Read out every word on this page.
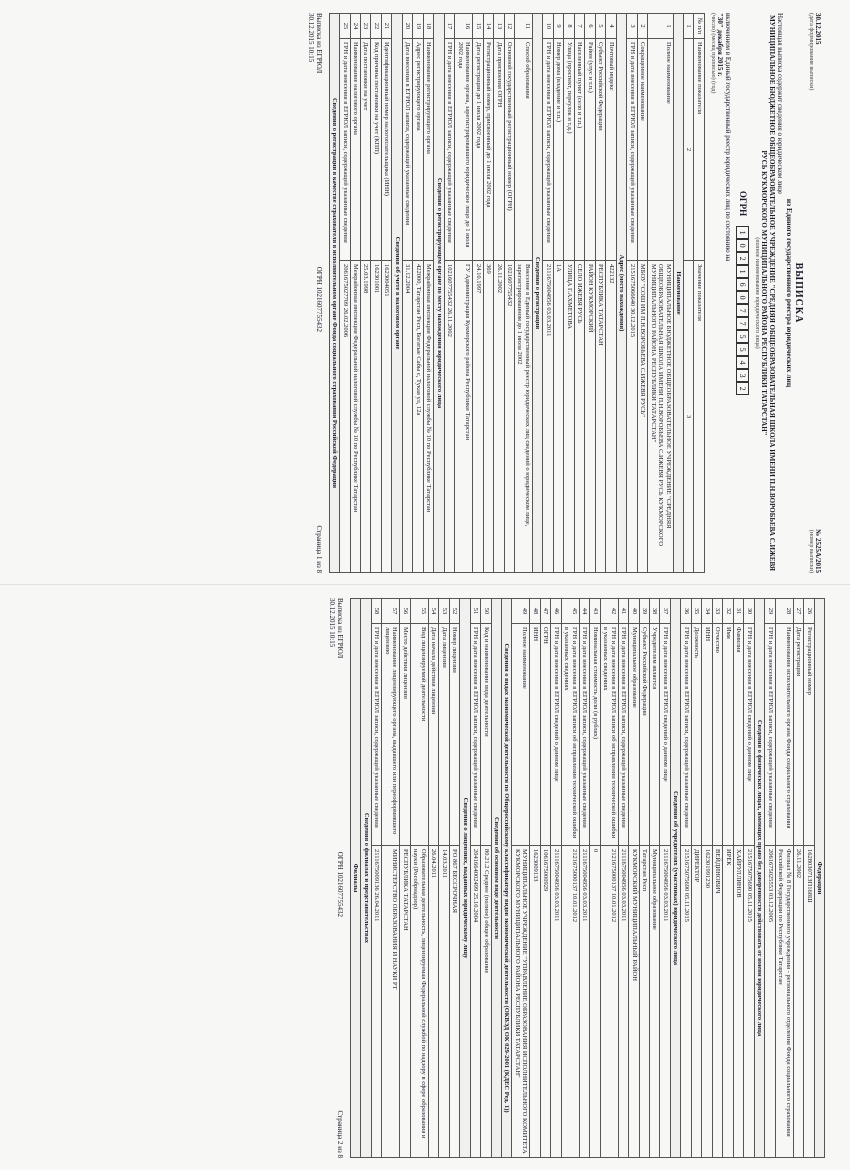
30.12.2015
(дата формирования выписки)
№ 2525А/2015
(номер выписки)
ВЫПИСКА
из Единого государственного реестра юридических лиц
Настоящая выписка содержит сведения о юридическом лице
МУНИЦИПАЛЬНОЕ БЮДЖЕТНОЕ ОБЩЕОБРАЗОВАТЕЛЬНОЕ УЧРЕЖДЕНИЕ "СРЕДНЯЯ ОБЩЕОБРАЗОВАТЕЛЬНАЯ ШКОЛА ИМЕНИ П.Н.ВОРОБЬЕВА С.ИЖЕВЯ РУСЬ КУКМОРСКОГО МУНИЦИПАЛЬНОГО РАЙОНА РЕСПУБЛИКИ ТАТАРСТАН"
(полное наименование юридического лица)
ОГРН
1
0
2
1
6
0
7
7
5
5
4
3
2
включенном в Единый государственный реестр юридических лиц по состоянию на
"30" декабря 2015 г.
(число) (месяц прописью) (год)
№ п/п	Наименование показателя	Значение показателя
1	2	3
Наименование		
1	Полное наименование	МУНИЦИПАЛЬНОЕ БЮДЖЕТНОЕ ОБЩЕОБРАЗОВАТЕЛЬНОЕ УЧРЕЖДЕНИЕ "СРЕДНЯЯ ОБЩЕОБРАЗОВАТЕЛЬНАЯ ШКОЛА ИМЕНИ П.Н.ВОРОБЬЕВА С.ИЖЕВЯ РУСЬ КУКМОРСКОГО МУНИЦИПАЛЬНОГО РАЙОНА РЕСПУБЛИКИ ТАТАРСТАН"
2	Сокращенное наименование	МБОУ "СОШ ИМ П.Н.ВОРОБЬЕВА С.ИЖЕВЯ РУСЬ"
3	ГРН и дата внесения в ЕГРЮЛ записи, содержащей указанные сведения	2151675066640 30.12.2015
Адрес (место нахождения)		
4	Почтовый индекс	422132
5	Субъект Российской Федерации	РЕСПУБЛИКА ТАТАРСТАН
6	Район (улус и т.п.)	РАЙОН КУКМОРСКИЙ
7	Населенный пункт (село и т.п.)	СЕЛО ИЖЕВЯ РУСЬ
8	Улица (проспект, переулок и т.д.)	УЛИЦА Г.АХМЕТОВА
9	Номер дома (владение и т.п.)	1А
10	ГРН и дата внесения в ЕГРЮЛ записи, содержащей указанные сведения	2111675004956 03.03.2011
Сведения о регистрации		
11	Способ образования	Внесение в Единый государственный реестр юридических лиц сведений о юридическом лице, зарегистрированном до 1 июля 2002
12	Основной государственный регистрационный номер (ОГРН)	1021607755432
13	Дата присвоения ОГРН	26.11.2002
14	Регистрационный номер, присвоенный до 1 июля 2002 года	369
15	Дата регистрации до 1 июля 2002 года	24.10.1997
16	Наименование органа, зарегистрировавшего юридическое лицо до 1 июля 2002 года	ГУ Администрация Кукморского района Республики Татарстан
17	ГРН и дата внесения в ЕГРЮЛ записи, содержащей указанные сведения	1021607755432 26.11.2002
Сведения о регистрирующем органе по месту нахождения юридического лица		
18	Наименование регистрирующего органа	Межрайонная инспекция Федеральной налоговой службы № 10 по Республике Татарстан
19	Адрес регистрирующего органа	422000, Татарстан Респ, Богатые Сабы с, Тукая ул, 12а
20	Дата внесения в ЕГРЮЛ записи, содержащей указанные сведения	31.12.2004
Сведения об учете в налоговом органе		
21	Идентификационный номер налогоплательщика (ИНН)	1623004051
22	Код причины постановки на учет (КПП)	162301001
23	Дата постановки на учет	25.03.1998
24	Наименование налогового органа	Межрайонная инспекция Федеральной налоговой службы № 10 по Республике Татарстан
25	ГРН и дата внесения в ЕГРЮЛ записи, содержащей указанные сведения	2061675027709 26.02.2006
Сведения о регистрации в качестве страхователя в исполнительном органе Фонда социального страхования Российской Федерации		
Выписка из ЕГРЮЛ
30.12.2015 10:15
ОГРН 1021607755432
Страница 1 из 8
Федерации		
26	Регистрационный номер	162803071ЗП168Ш
27	Дата регистрации	26.11.2002
28	Наименование исполнительного органа Фонда социального страхования	Филиал № 8 Государственного учреждения - регионального отделения Фонда социального страхования Российской Федерации по Республике Татарстан
29	ГРН и дата внесения в ЕГРЮЛ записи, содержащей указанные сведения	2061675025553 03.12.2005
Сведения о физических лицах, имеющих право без доверенности действовать от имени юридического лица		
30	ГРН и дата внесения в ЕГРЮЛ сведений о данном лице	2151675075690 05.11.2015
31	Фамилия	ХАЙРУЛЛИНОВ
32	Имя	ИРЕК
33	Отчество	ВЕЙДИНОВИЧ
34	ИНН	162301991230
35	Должность	ДИРЕКТОР
36	ГРН и дата внесения в ЕГРЮЛ записи, содержащей указанные сведения	2151675075690 05.11.2015
Сведения об учредителях (участниках) юридического лица		
37	ГРН и дата внесения в ЕГРЮЛ сведений о данном лице	2111675004956 03.03.2011
38	Учредителем является	Муниципальное образование
39	Субъект Российской Федерации	Татарстан Респ
40	Муниципальное образование	КУКМОРСКИЙ МУНИЦИПАЛЬНЫЙ РАЙОН
41	ГРН и дата внесения в ЕГРЮЛ записи, содержащей указанные сведения	2111675004956 03.03.2011
42	ГРН и дата внесения в ЕГРЮЛ записи об исправлении технической ошибки в указанных сведениях	2121675000137 10.01.2012
43	Номинальная стоимость доли (в рублях)	0
44	ГРН и дата внесения в ЕГРЮЛ записи, содержащей указанные сведения	2111675004956 03.03.2011
45	ГРН и дата внесения в ЕГРЮЛ записи об исправлении технической ошибки в указанных сведениях	2121675000137 10.01.2012
46	ГРН и дата внесения в ЕГРЮЛ сведений о данном лице	2111675004956 03.03.2011
47	ОГРН	1061675000929
48	ИНН	1623009133
49	Полное наименование	МУНИЦИПАЛЬНОЕ УЧРЕЖДЕНИЕ "УПРАВЛЕНИЕ ОБРАЗОВАНИЯ ИСПОЛНИТЕЛЬНОГО КОМИТЕТА КУКМОРСКОГО МУНИЦИПАЛЬНОГО РАЙОНА РЕСПУБЛИКИ ТАТАРСТАН"
Сведения о видах экономической деятельности по Общероссийскому классификатору видов экономической деятельности (ОКВЭД ОК 029-2001 (КДЕС Ред. 1))		
Сведения об основном виде деятельности		
50	Код и наименование вида деятельности	80.21.2 Среднее (полное) общее образование
51	ГРН и дата внесения в ЕГРЮЛ записи, содержащей указанные сведения	2041664002499 25.10.2004
Сведения о лицензиях, выданных юридическому лицу		
52	Номер лицензии	РО 867 БЕССРОЧНАЯ
53	Дата лицензии	14.03.2011
54	Дата начала действия лицензии	26.04.2011
55	Вид лицензируемой деятельности	Образовательная деятельность, лицензируемая Федеральной службой по надзору в сфере образования и науки (Рособрнадзор)
56	Место действия лицензии	РЕСПУБЛИКА ТАТАРСТАН
57	Наименование лицензирующего органа, выдавшего или переоформившего лицензию	МИНИСТЕРСТВО ОБРАЗОВАНИЯ И НАУКИ РТ
58	ГРН и дата внесения в ЕГРЮЛ записи, содержащей указанные сведения	2111675009136 26.04.2011
Сведения о филиалах и представительствах		
Филиалы		
Выписка из ЕГРЮЛ
30.12.2015 10:15
ОГРН 1021607755432
Страница 2 из 8
